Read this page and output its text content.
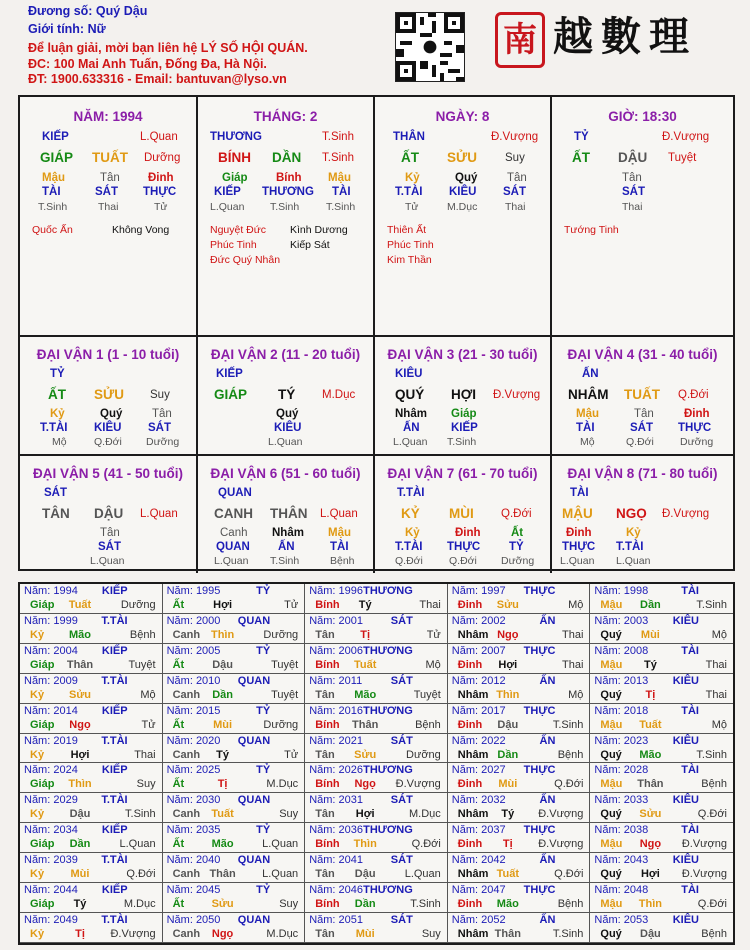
Đương số: Quý Dậu
Giới tính: Nữ
Để luận giải, mời bạn liên hệ LÝ SỐ HỘI QUÁN.
ĐC: 100 Mai Anh Tuấn, Đống Đa, Hà Nội.
ĐT: 1900.633316 - Email: bantuvan@lyso.vn
南 越數理
NĂM: 1994
KIẾP	L.Quan
GIÁP TUẤT Dưỡng
Mậu	Tân Đinh
TÀI	SÁT THỰC
T.Sinh	Thai	Tử
Quốc Ấn	Không Vong
THÁNG: 2
THƯƠNG	T.Sinh
BÍNH DẦN T.Sinh
Giáp Bính Mậu
KIẾP THƯƠNG TÀI
L.Quan T.Sinh	T.Sinh
Nguyệt Đức Kình Dương
Phúc Tinh	Kiếp Sát
Đức Quý Nhân
NGÀY: 8
THÂN	Đ.Vượng
ẤT SỬU Suy
Kỷ	Quý	Tân
T.TÀI KIÊU SÁT
Tử	M.Dục	Thai
Thiên Ất
Phúc Tinh
Kim Thần
GIỜ: 18:30
TỶ	Đ.Vượng
ẤT DẬU Tuyệt
Tân
SÁT
Thai
Tướng Tinh
ĐẠI VẬN 1 (1 - 10 tuổi)
TỶ
ẤT SỬU Suy
Kỷ	Quý	Tân
T.TÀI KIÊU SÁT
Mộ	Q.Đới Dưỡng
ĐẠI VẬN 2 (11 - 20 tuổi)
KIẾP
GIÁP TÝ M.Dục
Quý
KIÊU
L.Quan
ĐẠI VẬN 3 (21 - 30 tuổi)
KIÊU
QUÝ HỢI Đ.Vượng
Nhâm Giáp
ẤN	KIẾP
L.Quan T.Sinh
ĐẠI VẬN 4 (31 - 40 tuổi)
ẤN
NHÂM TUẤT Q.Đới
Mậu	Tân	Đinh
TÀI	SÁT THỰC
Mộ	Q.Đới Dưỡng
ĐẠI VẬN 5 (41 - 50 tuổi)
SÁT
TÂN DẬU L.Quan
Tân
SÁT
L.Quan
ĐẠI VẬN 6 (51 - 60 tuổi)
QUAN
CANH THÂN L.Quan
Canh Nhâm Mậu
QUAN ẤN	TÀI
L.Quan T.Sinh	Bệnh
ĐẠI VẬN 7 (61 - 70 tuổi)
T.TÀI
KỶ MÙI Q.Đới
Kỷ	Đinh	Ất
T.TÀI THỰC	TỶ
Q.Đới Q.Đới Dưỡng
ĐẠI VẬN 8 (71 - 80 tuổi)
TÀI
MẬU NGỌ Đ.Vượng
Đinh	Kỷ
THỰC T.TÀI
L.Quan L.Quan
Năm: 1994 KIẾP
Giáp Tuất	Dưỡng
Năm: 1995	TỶ
Ất	Hợi	Tử
Năm: 1996 THƯƠNG
Bính Tý	Thai
Năm: 1997 THỰC
Đinh Sửu	Mộ
Năm: 1998	TÀI
Mậu Dần	T.Sinh
Năm: 1999 T.TÀI
Kỷ Mão	Bệnh
Năm: 2000 QUAN
Canh Thìn	Dưỡng
Năm: 2001	SÁT
Tân Tị	Tử
Năm: 2002	ẤN
Nhâm Ngọ	Thai
Năm: 2003 KIÊU
Quý Mùi	Mộ
Năm: 2004 KIẾP
Giáp Thân	Tuyệt
Năm: 2005	TỶ
Ất	Dậu	Tuyệt
Năm: 2006 THƯƠNG
Bính Tuất	Mộ
Năm: 2007 THỰC
Đinh Hợi	Thai
Năm: 2008	TÀI
Mậu Tý	Thai
Năm: 2009 T.TÀI
Kỷ Sửu	Mộ
Năm: 2010 QUAN
Canh Dần	Tuyệt
Năm: 2011	SÁT
Tân Mão	Tuyệt
Năm: 2012	ẤN
Nhâm Thìn	Mộ
Năm: 2013 KIÊU
Quý Tị	Thai
Năm: 2014 KIẾP
Giáp Ngọ	Tử
Năm: 2015	TỶ
Ất	Mùi	Dưỡng
Năm: 2016 THƯƠNG
Bính Thân	Bệnh
Năm: 2017 THỰC
Đinh Dậu	T.Sinh
Năm: 2018	TÀI
Mậu Tuất	Mộ
Năm: 2019 T.TÀI
Kỷ Hợi	Thai
Năm: 2020 QUAN
Canh Tý	Tử
Năm: 2021	SÁT
Tân Sửu	Dưỡng
Năm: 2022	ẤN
Nhâm Dần	Bệnh
Năm: 2023 KIÊU
Quý Mão	T.Sinh
Năm: 2024 KIẾP
Giáp Thìn	Suy
Năm: 2025	TỶ
Ất	Tị	M.Dục
Năm: 2026 THƯƠNG
Bính Ngọ Đ.Vượng
Năm: 2027 THỰC
Đinh Mùi	Q.Đới
Năm: 2028	TÀI
Mậu Thân	Bệnh
Năm: 2029 T.TÀI
Kỷ Dậu	T.Sinh
Năm: 2030 QUAN
Canh Tuất	Suy
Năm: 2031	SÁT
Tân Hợi	M.Dục
Năm: 2032	ẤN
Nhâm Tý Đ.Vượng
Năm: 2033 KIÊU
Quý Sửu	Q.Đới
Năm: 2034 KIẾP
Giáp Dần	L.Quan
Năm: 2035	TỶ
Ất Mão	L.Quan
Năm: 2036 THƯƠNG
Bính Thìn	Q.Đới
Năm: 2037 THỰC
Đinh Tị Đ.Vượng
Năm: 2038	TÀI
Mậu Ngọ Đ.Vượng
Năm: 2039 T.TÀI
Kỷ Mùi	Q.Đới
Năm: 2040 QUAN
Canh Thân L.Quan
Năm: 2041	SÁT
Tân Dậu	L.Quan
Năm: 2042	ẤN
Nhâm Tuất	Q.Đới
Năm: 2043 KIÊU
Quý Hợi Đ.Vượng
Năm: 2044 KIẾP
Giáp Tý	M.Dục
Năm: 2045	TỶ
Ất Sửu	Suy
Năm: 2046 THƯƠNG
Bính Dần	T.Sinh
Năm: 2047 THỰC
Đinh Mão	Bệnh
Năm: 2048	TÀI
Mậu Thìn	Q.Đới
Năm: 2049 T.TÀI
Kỷ	Tị Đ.Vượng
Năm: 2050 QUAN
Canh Ngọ	M.Dục
Năm: 2051	SÁT
Tân Mùi	Suy
Năm: 2052	ẤN
Nhâm Thân	T.Sinh
Năm: 2053 KIÊU
Quý Dậu	Bệnh
